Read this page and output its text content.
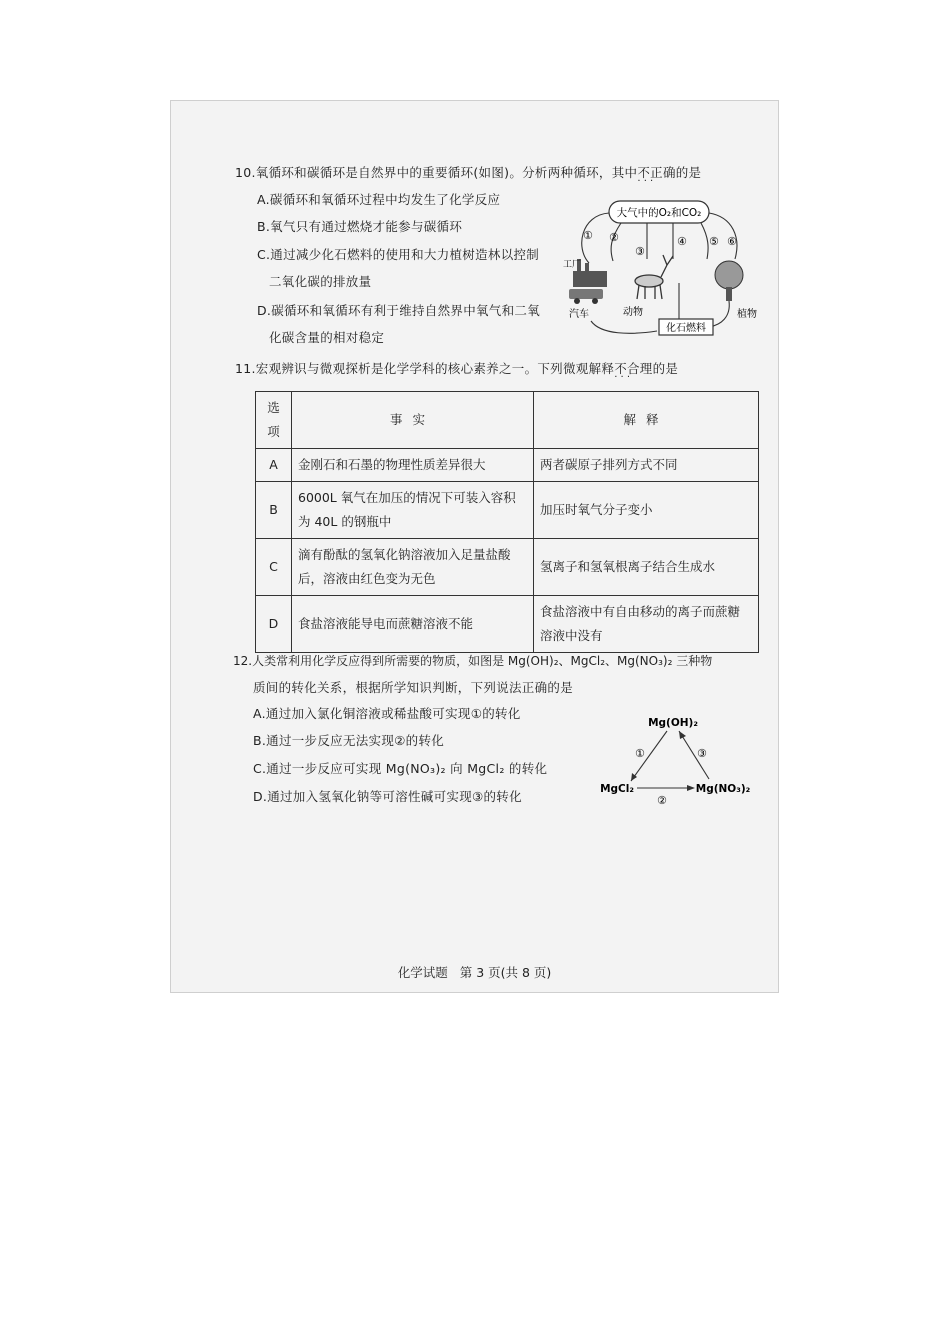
10.氧循环和碳循环是自然界中的重要循环(如图)。分析两种循环，其中不正确 · · ·的是
A.碳循环和氧循环过程中均发生了化学反应
B.氧气只有通过燃烧才能参与碳循环
C.通过减少化石燃料的使用和大力植树造林以控制
二氧化碳的排放量
D.碳循环和氧循环有利于维持自然界中氧气和二氧
化碳含量的相对稳定
大气中的O₂和CO₂
① ②
③
④ ⑤ ⑥
工厂
汽车	动物	植物
化石燃料
11.宏观辨识与微观探析是化学学科的核心素养之一。下列微观解释不合理 · · ·的是
选项	事实	解释
A	金刚石和石墨的物理性质差异很大	两者碳原子排列方式不同
B	6000L 氧气在加压的情况下可装入容积为 40L 的钢瓶中	加压时氧气分子变小
C	滴有酚酞的氢氧化钠溶液加入足量盐酸后，溶液由红色变为无色	氢离子和氢氧根离子结合生成水
D	食盐溶液能导电而蔗糖溶液不能	食盐溶液中有自由移动的离子而蔗糖溶液中没有
12.人类常利用化学反应得到所需要的物质，如图是 Mg(OH)₂、MgCl₂、Mg(NO₃)₂ 三种物
质间的转化关系，根据所学知识判断，下列说法正确的是
A.通过加入氯化铜溶液或稀盐酸可实现①的转化
B.通过一步反应无法实现②的转化
C.通过一步反应可实现 Mg(NO₃)₂ 向 MgCl₂ 的转化
D.通过加入氢氧化钠等可溶性碱可实现③的转化
Mg(OH)₂
MgCl₂	Mg(NO₃)₂
①	③
②
化学试题 第 3 页(共 8 页)
